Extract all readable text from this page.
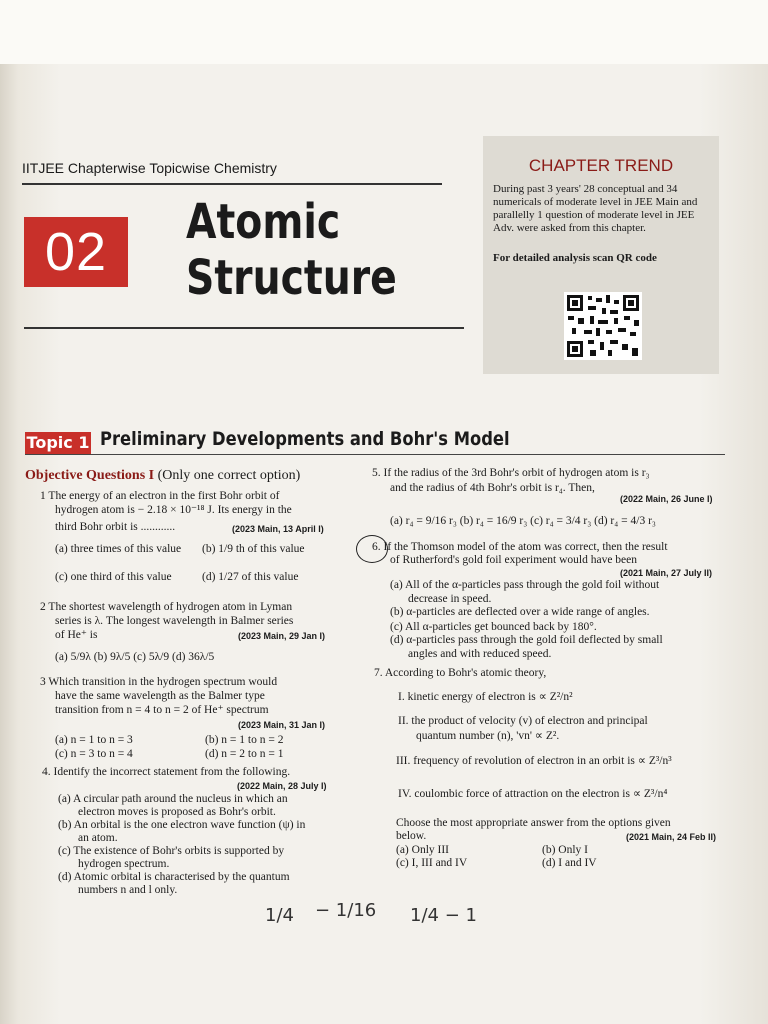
IITJEE Chapterwise Topicwise Chemistry
02	Atomic
Structure
CHAPTER TREND

During past 3 years' 28 conceptual and 34 numericals of moderate level in JEE Main and parallelly 1 question of moderate level in JEE Adv. were asked from this chapter.

For detailed analysis scan QR code
Topic 1 Preliminary Developments and Bohr's Model
Objective Questions I (Only one correct option)
1 The energy of an electron in the first Bohr orbit of
hydrogen atom is − 2.18 × 10⁻¹⁸ J. Its energy in the
third Bohr orbit is ............	(2023 Main, 13 April I)
(a) three times of this value (b) 1/9 th of this value
(c) one third of this value	(d) 1/27 of this value
2 The shortest wavelength of hydrogen atom in Lyman
series is λ. The longest wavelength in Balmer series
of He⁺ is	(2023 Main, 29 Jan I)
(a) 5/9λ (b) 9λ/5 (c) 5λ/9 (d) 36λ/5
3 Which transition in the hydrogen spectrum would
have the same wavelength as the Balmer type
transition from n = 4 to n = 2 of He⁺ spectrum
(2023 Main, 31 Jan I)
(a) n = 1 to n = 3	(b) n = 1 to n = 2
(c) n = 3 to n = 4	(d) n = 2 to n = 1
4. Identify the incorrect statement from the following.
(2022 Main, 28 July I)
(a) A circular path around the nucleus in which an
electron moves is proposed as Bohr's orbit.
(b) An orbital is the one electron wave function (ψ) in
an atom.
(c) The existence of Bohr's orbits is supported by
hydrogen spectrum.
(d) Atomic orbital is characterised by the quantum
numbers n and l only.
5. If the radius of the 3rd Bohr's orbit of hydrogen atom is r₃
and the radius of 4th Bohr's orbit is r₄. Then,
(2022 Main, 26 June I)
(a) r₄ = 9/16 r₃ (b) r₄ = 16/9 r₃ (c) r₄ = 3/4 r₃ (d) r₄ = 4/3 r₃
6. If the Thomson model of the atom was correct, then the result
of Rutherford's gold foil experiment would have been
(2021 Main, 27 July II)
(a) All of the α-particles pass through the gold foil without
decrease in speed.
(b) α-particles are deflected over a wide range of angles.
(c) All α-particles get bounced back by 180°.
(d) α-particles pass through the gold foil deflected by small
angles and with reduced speed.
7. According to Bohr's atomic theory,
I. kinetic energy of electron is ∝ Z²/n²
II. the product of velocity (v) of electron and principal
quantum number (n), 'vn' ∝ Z².
III. frequency of revolution of electron in an orbit is ∝ Z³/n³
IV. coulombic force of attraction on the electron is ∝ Z³/n⁴
Choose the most appropriate answer from the options given
below.	(2021 Main, 24 Feb II)
(a) Only III	(b) Only I
(c) I, III and IV	(d) I and IV
1/4 − 1/16 1/4 − 1
